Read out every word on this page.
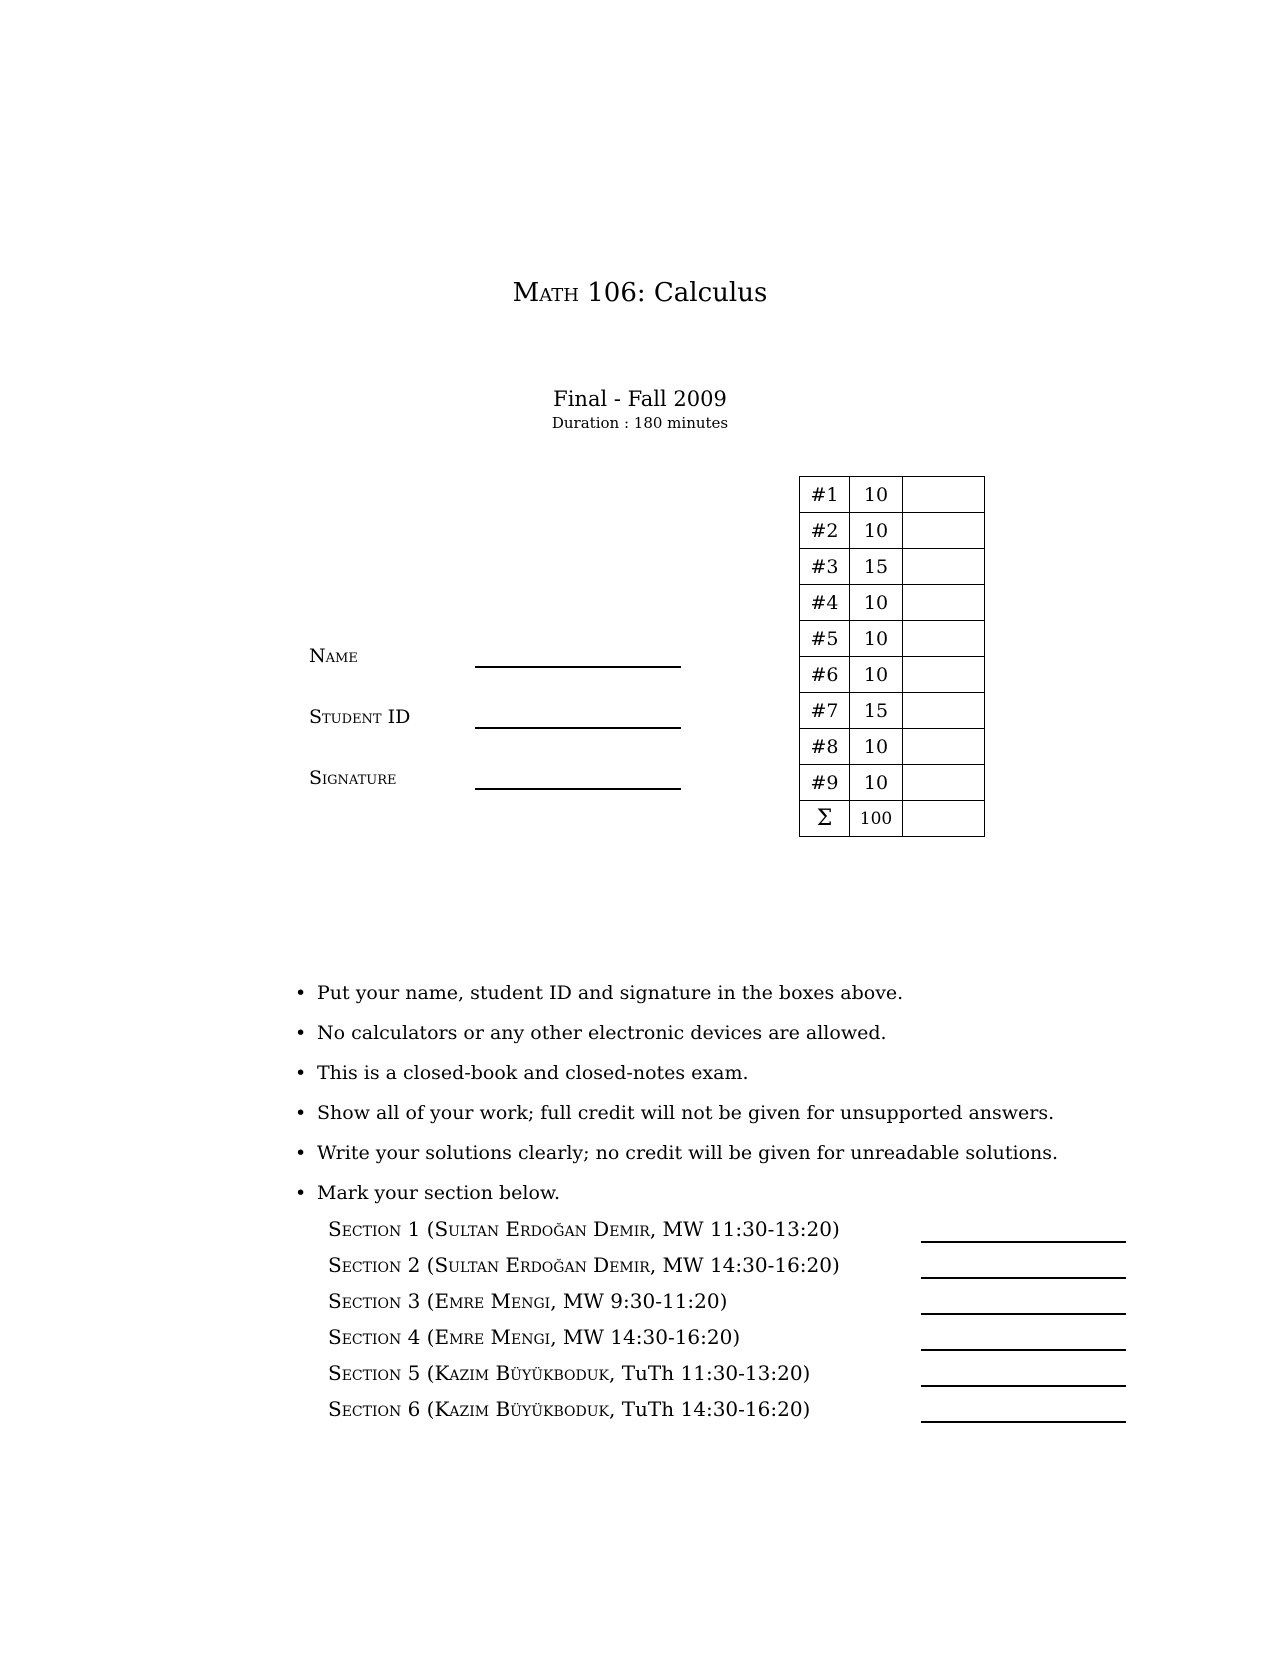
Math 106: Calculus
Final - Fall 2009
Duration : 180 minutes
Name
Student ID
Signature
#1	10	
#2	10	
#3	15	
#4	10	
#5	10	
#6	10	
#7	15	
#8	10	
#9	10	
Σ	100	
• Put your name, student ID and signature in the boxes above.
• No calculators or any other electronic devices are allowed.
• This is a closed-book and closed-notes exam.
• Show all of your work; full credit will not be given for unsupported answers.
• Write your solutions clearly; no credit will be given for unreadable solutions.
• Mark your section below.
Section 1 (Sultan Erdoğan Demir, MW 11:30-13:20)
Section 2 (Sultan Erdoğan Demir, MW 14:30-16:20)
Section 3 (Emre Mengi, MW 9:30-11:20)
Section 4 (Emre Mengi, MW 14:30-16:20)
Section 5 (Kazim Büyükboduk, TuTh 11:30-13:20)
Section 6 (Kazim Büyükboduk, TuTh 14:30-16:20)
